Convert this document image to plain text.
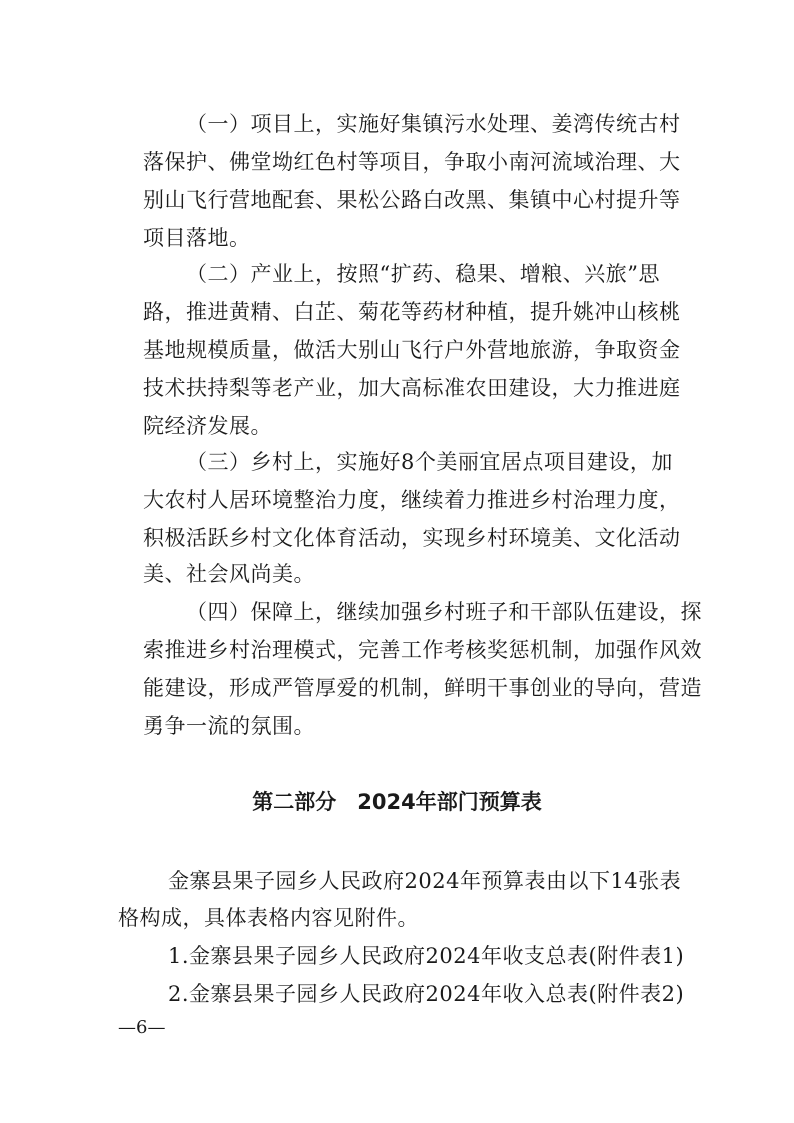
（一）项目上，实施好集镇污水处理、姜湾传统古村
落保护、佛堂坳红色村等项目，争取小南河流域治理、大
别山飞行营地配套、果松公路白改黑、集镇中心村提升等
项目落地。
（二）产业上，按照“扩药、稳果、增粮、兴旅”思
路，推进黄精、白芷、菊花等药材种植，提升姚冲山核桃
基地规模质量，做活大别山飞行户外营地旅游，争取资金
技术扶持梨等老产业，加大高标准农田建设，大力推进庭
院经济发展。
（三）乡村上，实施好8个美丽宜居点项目建设，加
大农村人居环境整治力度，继续着力推进乡村治理力度，
积极活跃乡村文化体育活动，实现乡村环境美、文化活动
美、社会风尚美。
（四）保障上，继续加强乡村班子和干部队伍建设，探
索推进乡村治理模式，完善工作考核奖惩机制，加强作风效
能建设，形成严管厚爱的机制，鲜明干事创业的导向，营造
勇争一流的氛围。
第二部分　2024年部门预算表
金寨县果子园乡人民政府2024年预算表由以下14张表
格构成，具体表格内容见附件。
1.金寨县果子园乡人民政府2024年收支总表(附件表1)
2.金寨县果子园乡人民政府2024年收入总表(附件表2)
—6—
